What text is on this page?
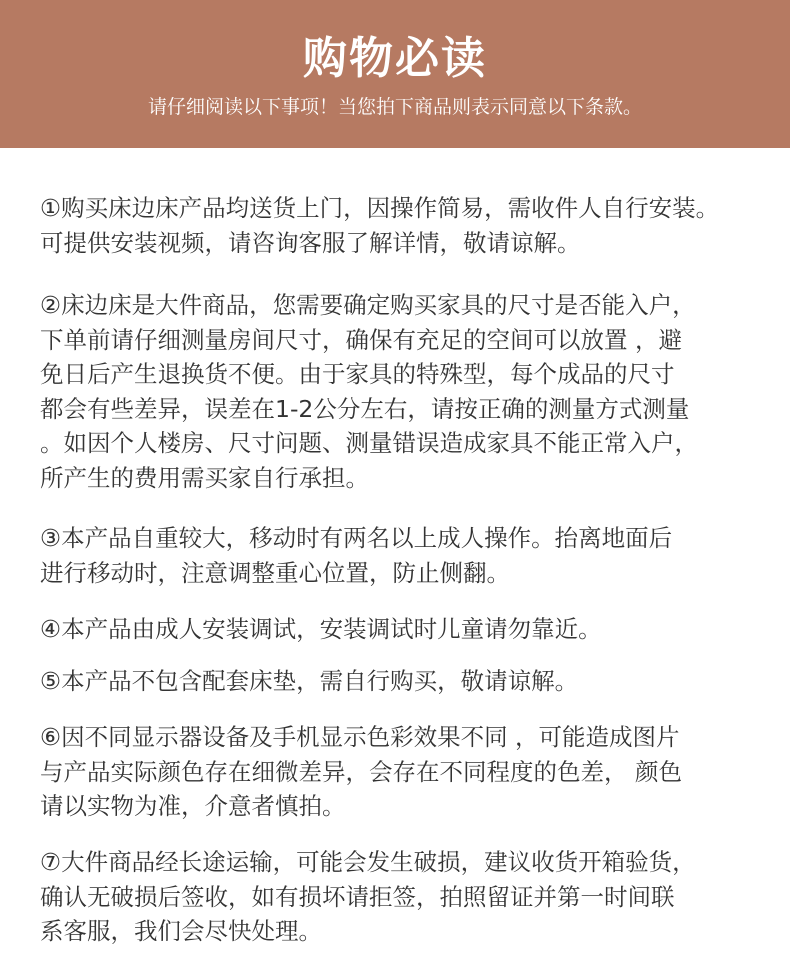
购物必读
请仔细阅读以下事项！当您拍下商品则表示同意以下条款。
①购买床边床产品均送货上门，因操作简易，需收件人自行安装。
可提供安装视频，请咨询客服了解详情，敬请谅解。
②床边床是大件商品，您需要确定购买家具的尺寸是否能入户，
下单前请仔细测量房间尺寸，确保有充足的空间可以放置 ，避
免日后产生退换货不便。由于家具的特殊型，每个成品的尺寸
都会有些差异，误差在1-2公分左右，请按正确的测量方式测量
。如因个人楼房、尺寸问题、测量错误造成家具不能正常入户，
所产生的费用需买家自行承担。
③本产品自重较大，移动时有两名以上成人操作。抬离地面后
进行移动时，注意调整重心位置，防止侧翻。
④本产品由成人安装调试，安装调试时儿童请勿靠近。
⑤本产品不包含配套床垫，需自行购买，敬请谅解。
⑥因不同显示器设备及手机显示色彩效果不同 ，可能造成图片
与产品实际颜色存在细微差异，会存在不同程度的色差， 颜色
请以实物为准，介意者慎拍。
⑦大件商品经长途运输，可能会发生破损，建议收货开箱验货，
确认无破损后签收，如有损坏请拒签，拍照留证并第一时间联
系客服，我们会尽快处理。
